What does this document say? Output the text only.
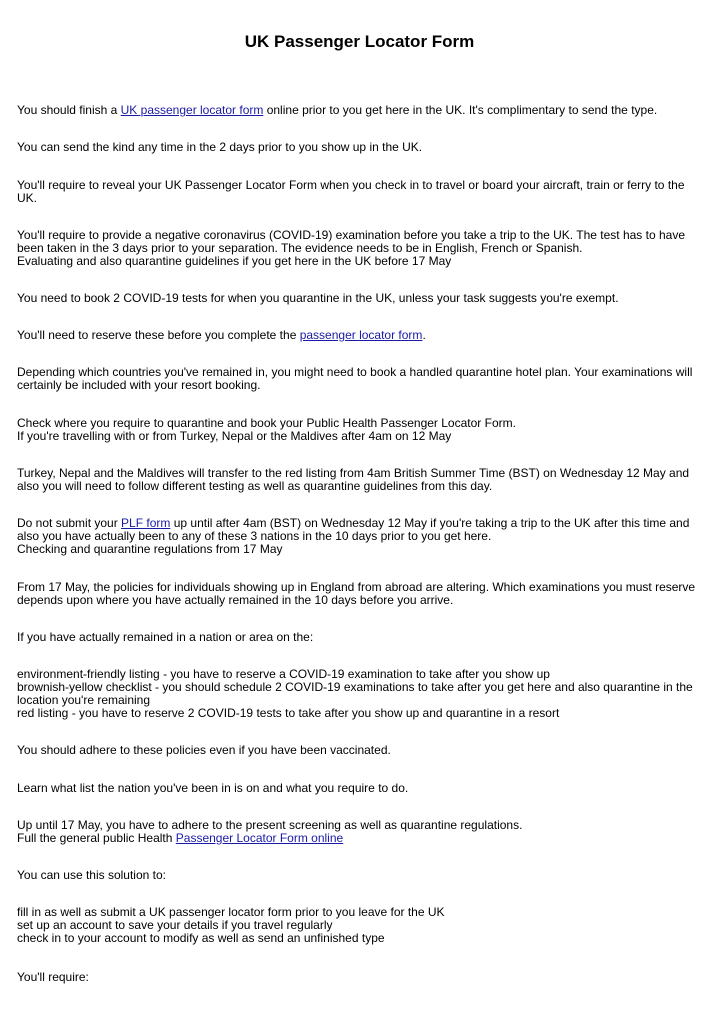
UK Passenger Locator Form
You should finish a UK passenger locator form online prior to you get here in the UK. It's complimentary to send the type.
You can send the kind any time in the 2 days prior to you show up in the UK.
You'll require to reveal your UK Passenger Locator Form when you check in to travel or board your aircraft, train or ferry to the
UK.
You'll require to provide a negative coronavirus (COVID-19) examination before you take a trip to the UK. The test has to have
been taken in the 3 days prior to your separation. The evidence needs to be in English, French or Spanish.
Evaluating and also quarantine guidelines if you get here in the UK before 17 May
You need to book 2 COVID-19 tests for when you quarantine in the UK, unless your task suggests you're exempt.
You'll need to reserve these before you complete the passenger locator form.
Depending which countries you've remained in, you might need to book a handled quarantine hotel plan. Your examinations will
certainly be included with your resort booking.
Check where you require to quarantine and book your Public Health Passenger Locator Form.
If you're travelling with or from Turkey, Nepal or the Maldives after 4am on 12 May
Turkey, Nepal and the Maldives will transfer to the red listing from 4am British Summer Time (BST) on Wednesday 12 May and
also you will need to follow different testing as well as quarantine guidelines from this day.
Do not submit your PLF form up until after 4am (BST) on Wednesday 12 May if you're taking a trip to the UK after this time and
also you have actually been to any of these 3 nations in the 10 days prior to you get here.
Checking and quarantine regulations from 17 May
From 17 May, the policies for individuals showing up in England from abroad are altering. Which examinations you must reserve
depends upon where you have actually remained in the 10 days before you arrive.
If you have actually remained in a nation or area on the:
environment-friendly listing - you have to reserve a COVID-19 examination to take after you show up
brownish-yellow checklist - you should schedule 2 COVID-19 examinations to take after you get here and also quarantine in the
location you're remaining
red listing - you have to reserve 2 COVID-19 tests to take after you show up and quarantine in a resort
You should adhere to these policies even if you have been vaccinated.
Learn what list the nation you've been in is on and what you require to do.
Up until 17 May, you have to adhere to the present screening as well as quarantine regulations.
Full the general public Health Passenger Locator Form online
You can use this solution to:
fill in as well as submit a UK passenger locator form prior to you leave for the UK
set up an account to save your details if you travel regularly
check in to your account to modify as well as send an unfinished type
You'll require:
